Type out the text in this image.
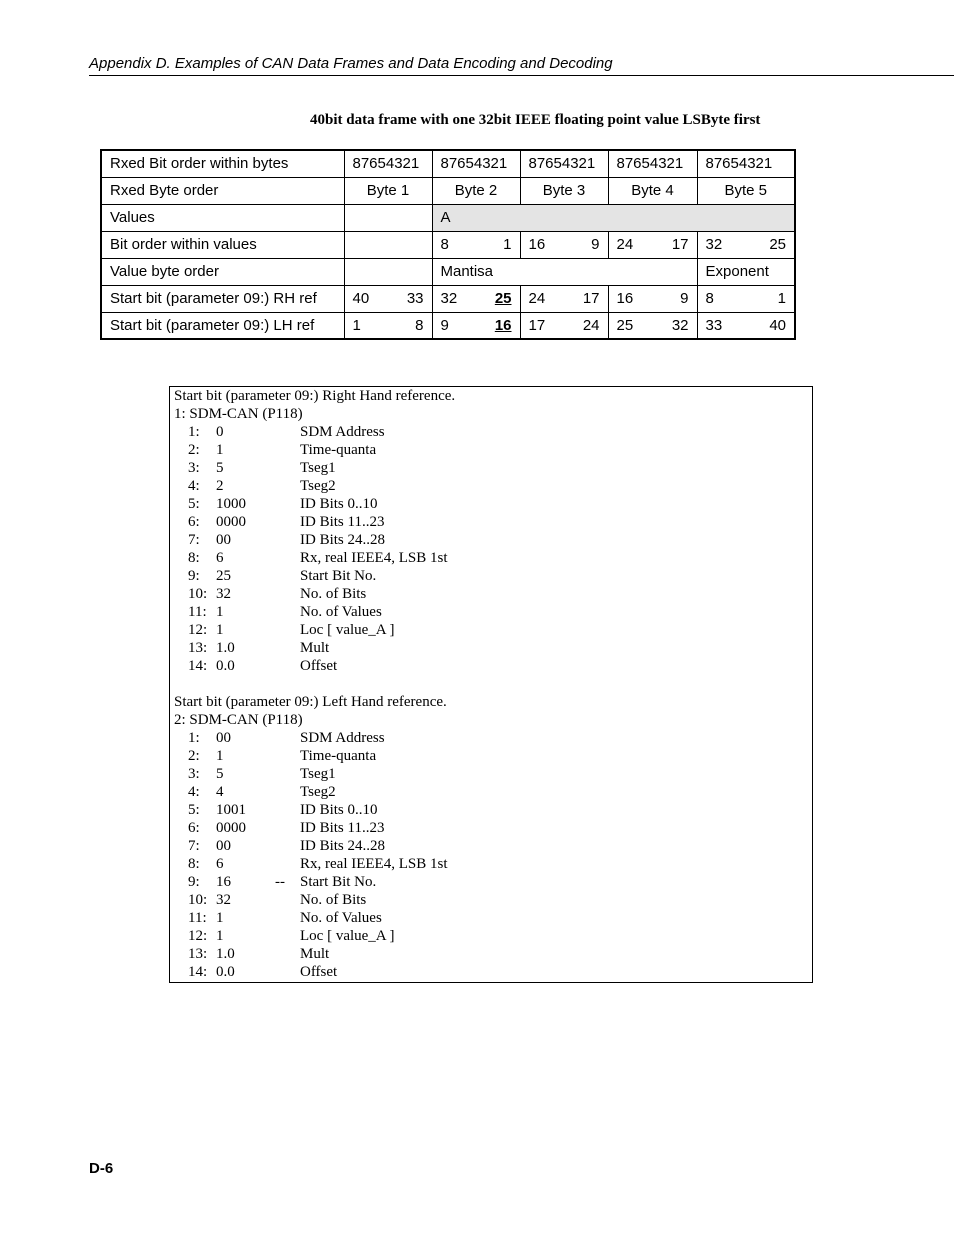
Appendix D. Examples of CAN Data Frames and Data Encoding and Decoding
40bit data frame with one 32bit IEEE floating point value LSByte first
Rxed Bit order within bytes	87654321	87654321	87654321	87654321	87654321
Rxed Byte order	Byte 1	Byte 2	Byte 3	Byte 4	Byte 5
Values		A			
Bit order within values		8 1	16 9	24 17	32 25

Value byte order		Mantisa			Exponent
Start bit (parameter 09:) RH ref	40 33	32 25	24 17	16 9	8 1

Start bit (parameter 09:) LH ref	1 8	9 16	17 24	25 32	33 40
Start bit (parameter 09:) Right Hand reference.
1: SDM-CAN (P118)
1: 0	SDM Address
2: 1	Time-quanta
3: 5	Tseg1
4: 2	Tseg2
5: 1000	ID Bits 0..10
6: 0000	ID Bits 11..23
7: 00	ID Bits 24..28
8: 6	Rx, real IEEE4, LSB 1st
9: 25	Start Bit No.
10: 32	No. of Bits
11: 1	No. of Values
12: 1	Loc [ value_A ]
13: 1.0	Mult
14: 0.0	Offset
Start bit (parameter 09:) Left Hand reference.
2: SDM-CAN (P118)
1: 00	SDM Address
2: 1	Time-quanta
3: 5	Tseg1
4: 4	Tseg2
5: 1001	ID Bits 0..10
6: 0000	ID Bits 11..23
7: 00	ID Bits 24..28
8: 6	Rx, real IEEE4, LSB 1st
9: 16	-- Start Bit No.
10: 32	No. of Bits
11: 1	No. of Values
12: 1	Loc [ value_A ]
13: 1.0	Mult
14: 0.0	Offset
D-6
